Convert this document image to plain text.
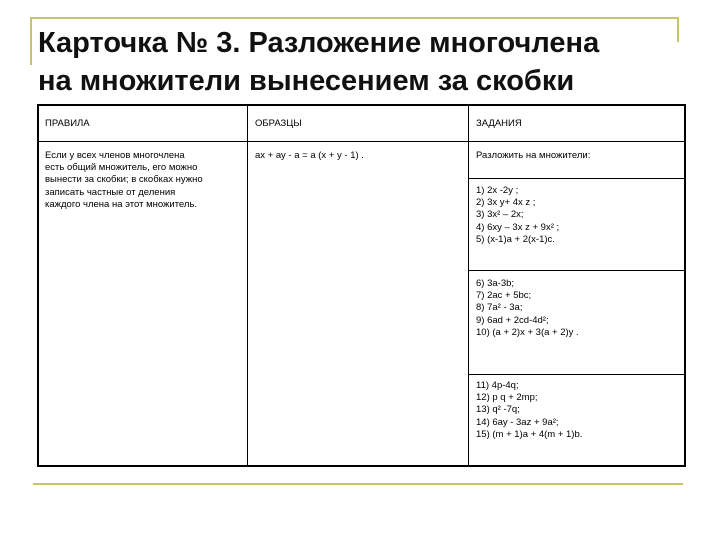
Карточка № 3. Разложение многочлена
на множители вынесением за скобки
ПРАВИЛА	ОБРАЗЦЫ	ЗАДАНИЯ
Если у всех членов многочлена
есть общий множитель, его можно
вынести за скобки; в скобках нужно
записать частные от деления
каждого члена на этот множитель.
ах + ау - а = а (х + у - 1) .	Разложить на множители:
1) 2х -2у ;
2) 3х у+ 4х z ;
3) 3х² – 2х;
4) 6ху – 3х z + 9х² ;
5) (х-1)а + 2(х-1)с.
6) 3а-3b;
7) 2ас + 5bс;
8) 7а² - 3а;
9) 6аd + 2сd-4d²;
10) (а + 2)х + 3(а + 2)у .
11) 4р-4q;
12) р q + 2mр;
13) q² -7q;
14) 6ау - 3аz + 9а²;
15) (m + 1)а + 4(m + 1)b.
